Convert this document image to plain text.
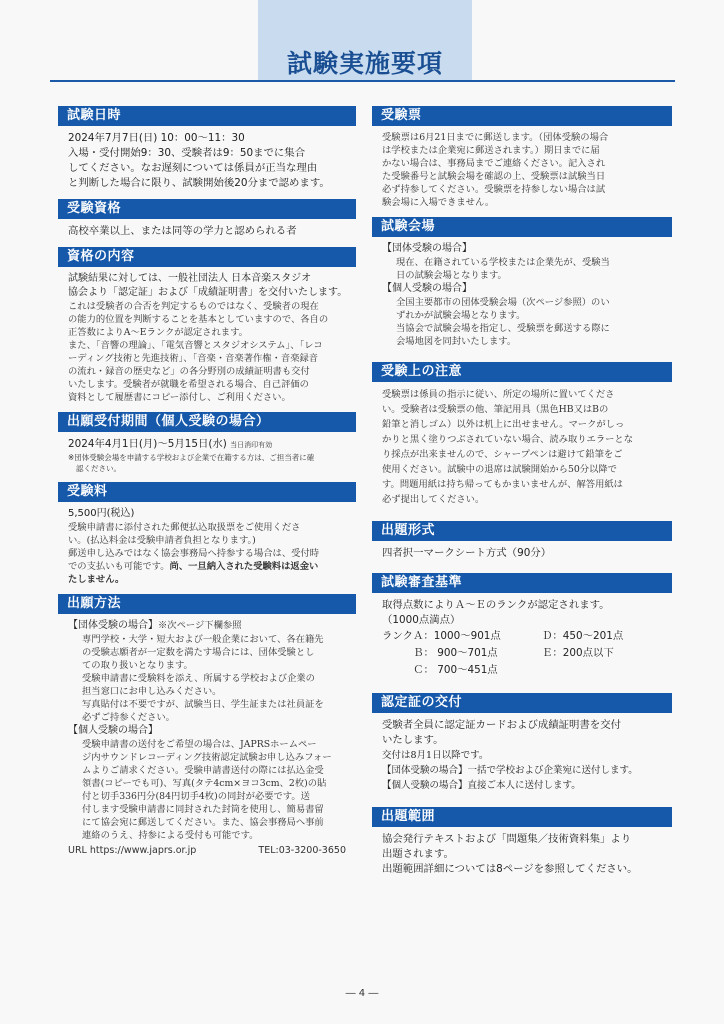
試験実施要項
試験日時

2024年7月7日(日) 10：00～11：30

入場・受付開始9：30、受験者は9：50までに集合

してください。なお遅刻については係員が正当な理由

と判断した場合に限り、試験開始後20分まで認めます。

受験資格

高校卒業以上、または同等の学力と認められる者

資格の内容

試験結果に対しては、一般社団法人 日本音楽スタジオ

協会より「認定証」および「成績証明書」を交付いたします。

これは受験者の合否を判定するものではなく、受験者の現在

の能力的位置を判断することを基本としていますので、各自の

正答数によりA～Eランクが認定されます。

また、「音響の理論」、「電気音響とスタジオシステム」、「レコ

ーディング技術と先進技術」、「音楽・音楽著作権・音楽録音

の流れ・録音の歴史など」の各分野別の成績証明書も交付

いたします。受験者が就職を希望される場合、自己評価の

資料として履歴書にコピー添付し、ご利用ください。

出願受付期間（個人受験の場合）

2024年4月1日(月)～5月15日(水) 当日消印有効

※団体受験会場を申請する学校および企業で在籍する方は、ご担当者に確

認ください。

受験料

5,500円(税込)

受験申請書に添付された郵便払込取扱票をご使用くださ

い。(払込料金は受験申請者負担となります。)

郵送申し込みではなく協会事務局へ持参する場合は、受付時

での支払いも可能です。尚、一旦納入された受験料は返金い

たしません。

出願方法

【団体受験の場合】※次ページ下欄参照

専門学校・大学・短大および一般企業において、各在籍先

の受験志願者が一定数を満たす場合には、団体受験とし

ての取り扱いとなります。

受験申請書に受験料を添え、所属する学校および企業の

担当窓口にお申し込みください。

写真貼付は不要ですが、試験当日、学生証または社員証を

必ずご持参ください。

【個人受験の場合】

受験申請書の送付をご希望の場合は、JAPRSホームペー

ジ内サウンドレコーディング技術認定試験お申し込みフォー

ムよりご請求ください。受験申請書送付の際には払込金受

領書(コピーでも可)、写真(タテ4cm×ヨコ3cm、2枚)の貼

付と切手336円分(84円切手4枚)の同封が必要です。送

付します受験申請書に同封された封筒を使用し、簡易書留

にて協会宛に郵送してください。また、協会事務局へ事前

連絡のうえ、持参による受付も可能です。

URL https://www.japrs.or.jp	TEL:03-3200-3650
受験票

受験票は6月21日までに郵送します。（団体受験の場合

は学校または企業宛に郵送されます。）期日までに届

かない場合は、事務局までご連絡ください。記入され

た受験番号と試験会場を確認の上、受験票は試験当日

必ず持参してください。受験票を持参しない場合は試

験会場に入場できません。

試験会場

【団体受験の場合】

現在、在籍されている学校または企業先が、受験当

日の試験会場となります。

【個人受験の場合】

全国主要都市の団体受験会場（次ページ参照）のい

ずれかが試験会場となります。

当協会で試験会場を指定し、受験票を郵送する際に

会場地図を同封いたします。

受験上の注意

受験票は係員の指示に従い、所定の場所に置いてくださ

い。受験者は受験票の他、筆記用具（黒色HB又はBの

鉛筆と消しゴム）以外は机上に出せません。マークがしっ

かりと黒く塗りつぶされていない場合、読み取りエラーとな

り採点が出来ませんので、シャープペンは避けて鉛筆をご

使用ください。試験中の退席は試験開始から50分以降で

す。問題用紙は持ち帰ってもかまいませんが、解答用紙は

必ず提出してください。

出題形式

四者択一マークシート方式（90分）

試験審査基準

取得点数によりＡ～Ｅのランクが認定されます。

（1000点満点）

ランクＡ：1000～901点	Ｄ：450～201点
　　　Ｂ： 900～701点	Ｅ：200点以下
　　　Ｃ： 700～451点
認定証の交付

受験者全員に認定証カードおよび成績証明書を交付

いたします。

交付は8月1日以降です。

【団体受験の場合】一括で学校および企業宛に送付します。

【個人受験の場合】直接ご本人に送付します。

出題範囲

協会発行テキストおよび「問題集／技術資料集」より

出題されます。

出題範囲詳細については8ページを参照してください。

― 4 ―
